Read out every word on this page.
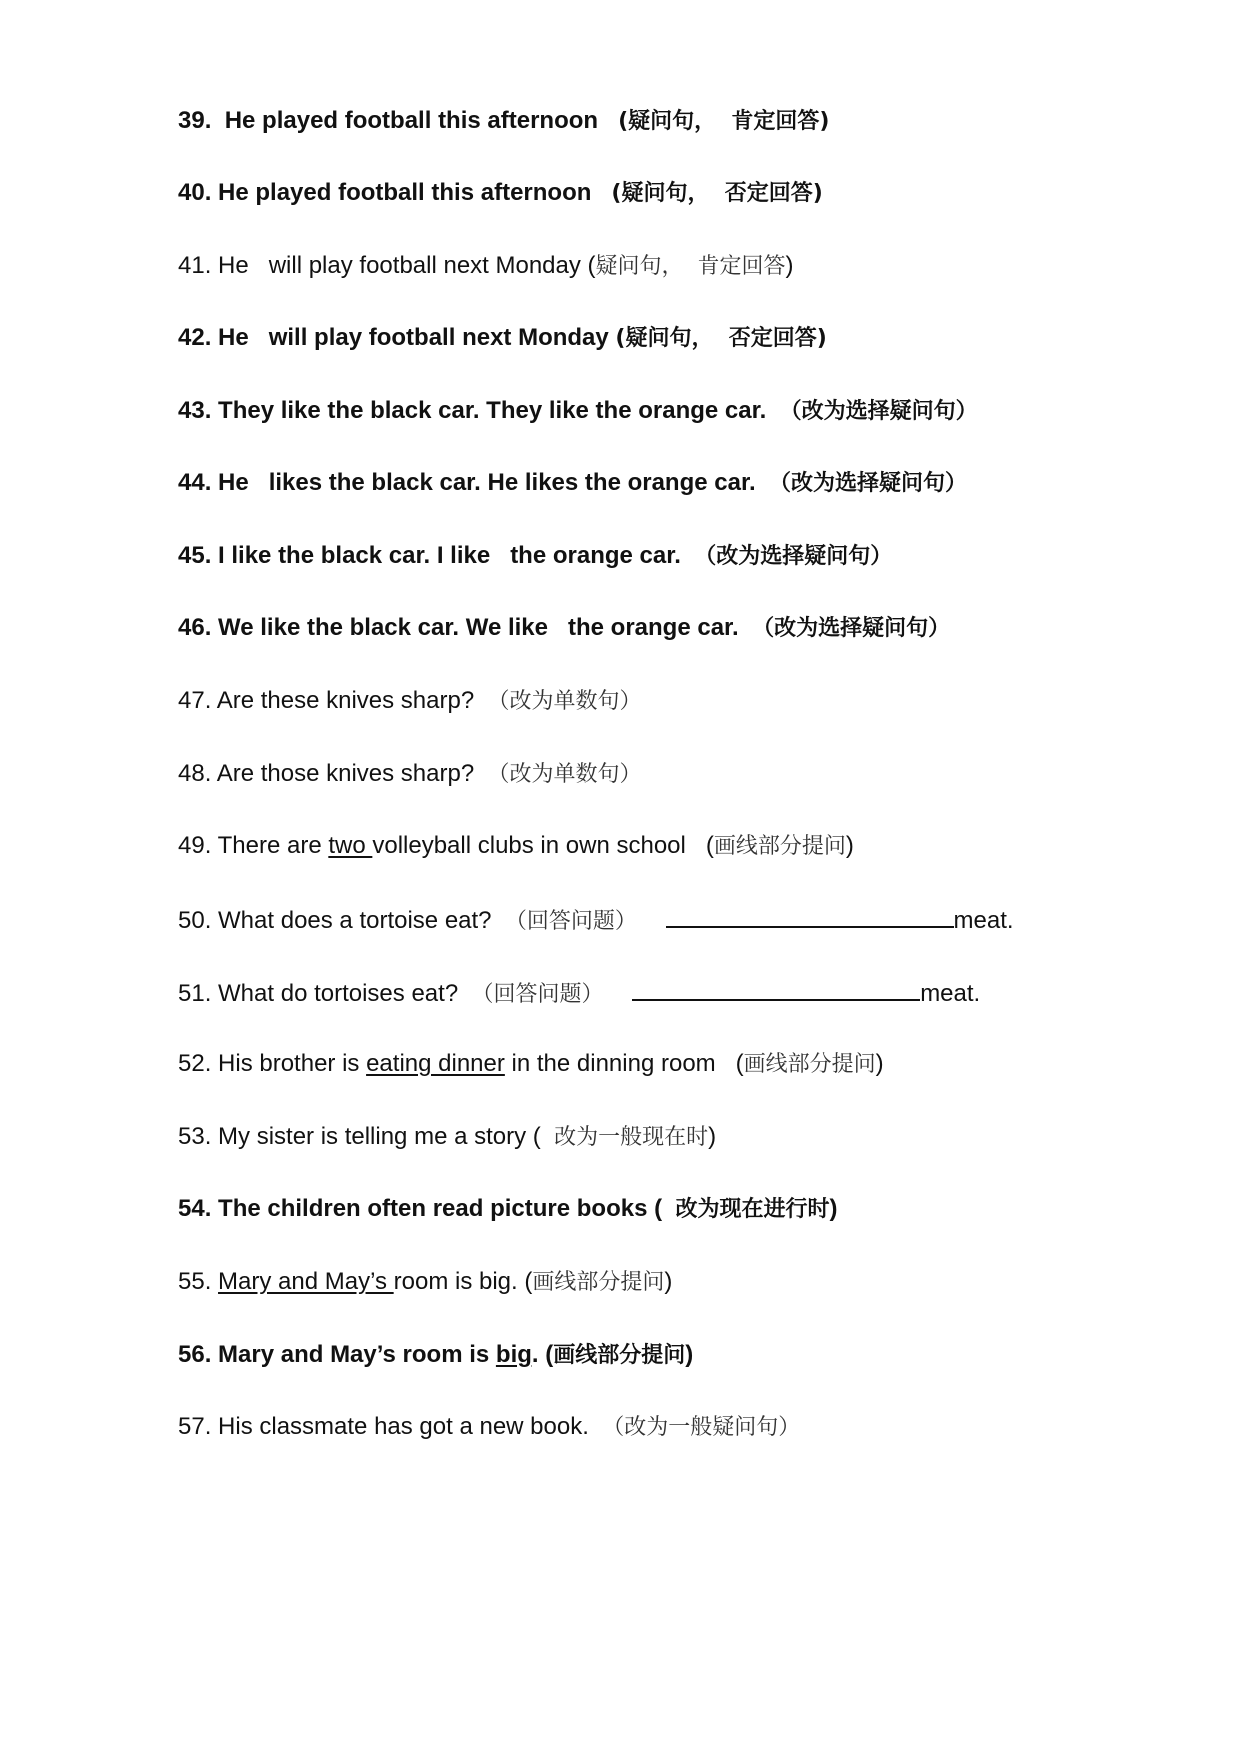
39.  He played football this afternoon   (疑问句，  肯定回答)
40. He played football this afternoon   (疑问句，  否定回答)
41. He   will play football next Monday (疑问句，  肯定回答)
42. He   will play football next Monday (疑问句，  否定回答)
43. They like the black car. They like the orange car.  （改为选择疑问句）
44. He   likes the black car. He likes the orange car.  （改为选择疑问句）
45. I like the black car. I like   the orange car.  （改为选择疑问句）
46. We like the black car. We like   the orange car.  （改为选择疑问句）
47. Are these knives sharp?  （改为单数句）
48. Are those knives sharp?  （改为单数句）
49. There are two volleyball clubs in own school   (画线部分提问)
50. What does a tortoise eat?  （回答问题）	meat.
51. What do tortoises eat?  （回答问题）	meat.
52. His brother is eating dinner in the dinning room   (画线部分提问)
53. My sister is telling me a story (  改为一般现在时)
54. The children often read picture books (  改为现在进行时)
55. Mary and May’s room is big. (画线部分提问)
56. Mary and May’s room is big. (画线部分提问)
57. His classmate has got a new book.  （改为一般疑问句）
